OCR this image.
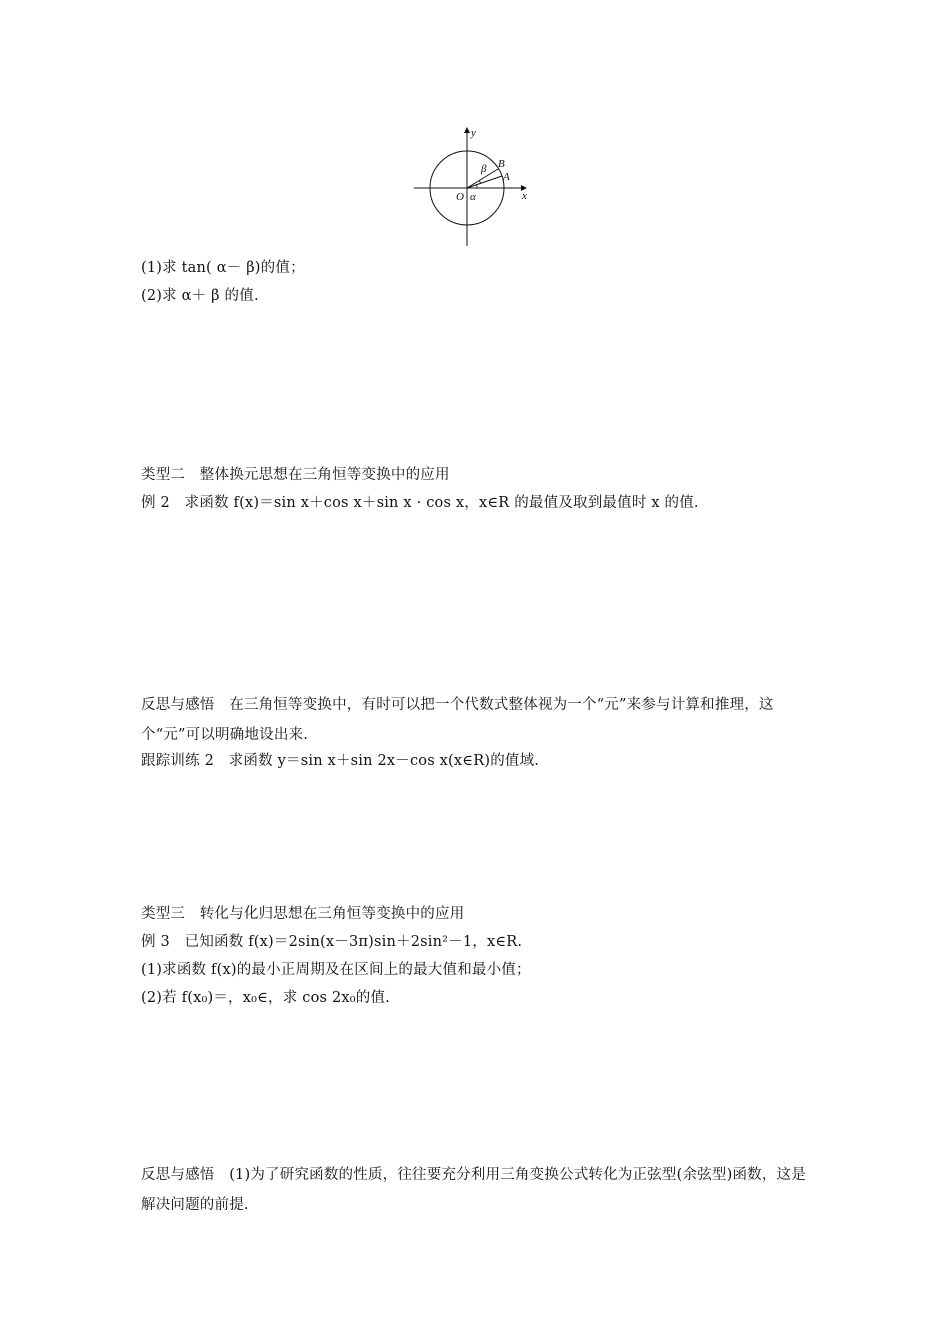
y
x
O α
β
A
B
(1)求 tan( α－ β)的值；
(2)求 α＋ β 的值.
类型二　整体换元思想在三角恒等变换中的应用
例 2　求函数 f(x)＝sin x＋cos x＋sin x · cos x，x∈R 的最值及取到最值时 x 的值.
反思与感悟　在三角恒等变换中，有时可以把一个代数式整体视为一个“元”来参与计算和推理，这个“元”可以明确地设出来.
跟踪训练 2　求函数 y＝sin x＋sin 2x－cos x(x∈R)的值域.
类型三　转化与化归思想在三角恒等变换中的应用
例 3　已知函数 f(x)＝2sin(x－3π)sin＋2sin²－1，x∈R.
(1)求函数 f(x)的最小正周期及在区间上的最大值和最小值；
(2)若 f(x₀)＝，x₀∈，求 cos 2x₀的值.
反思与感悟　(1)为了研究函数的性质，往往要充分利用三角变换公式转化为正弦型(余弦型)函数，这是解决问题的前提.
